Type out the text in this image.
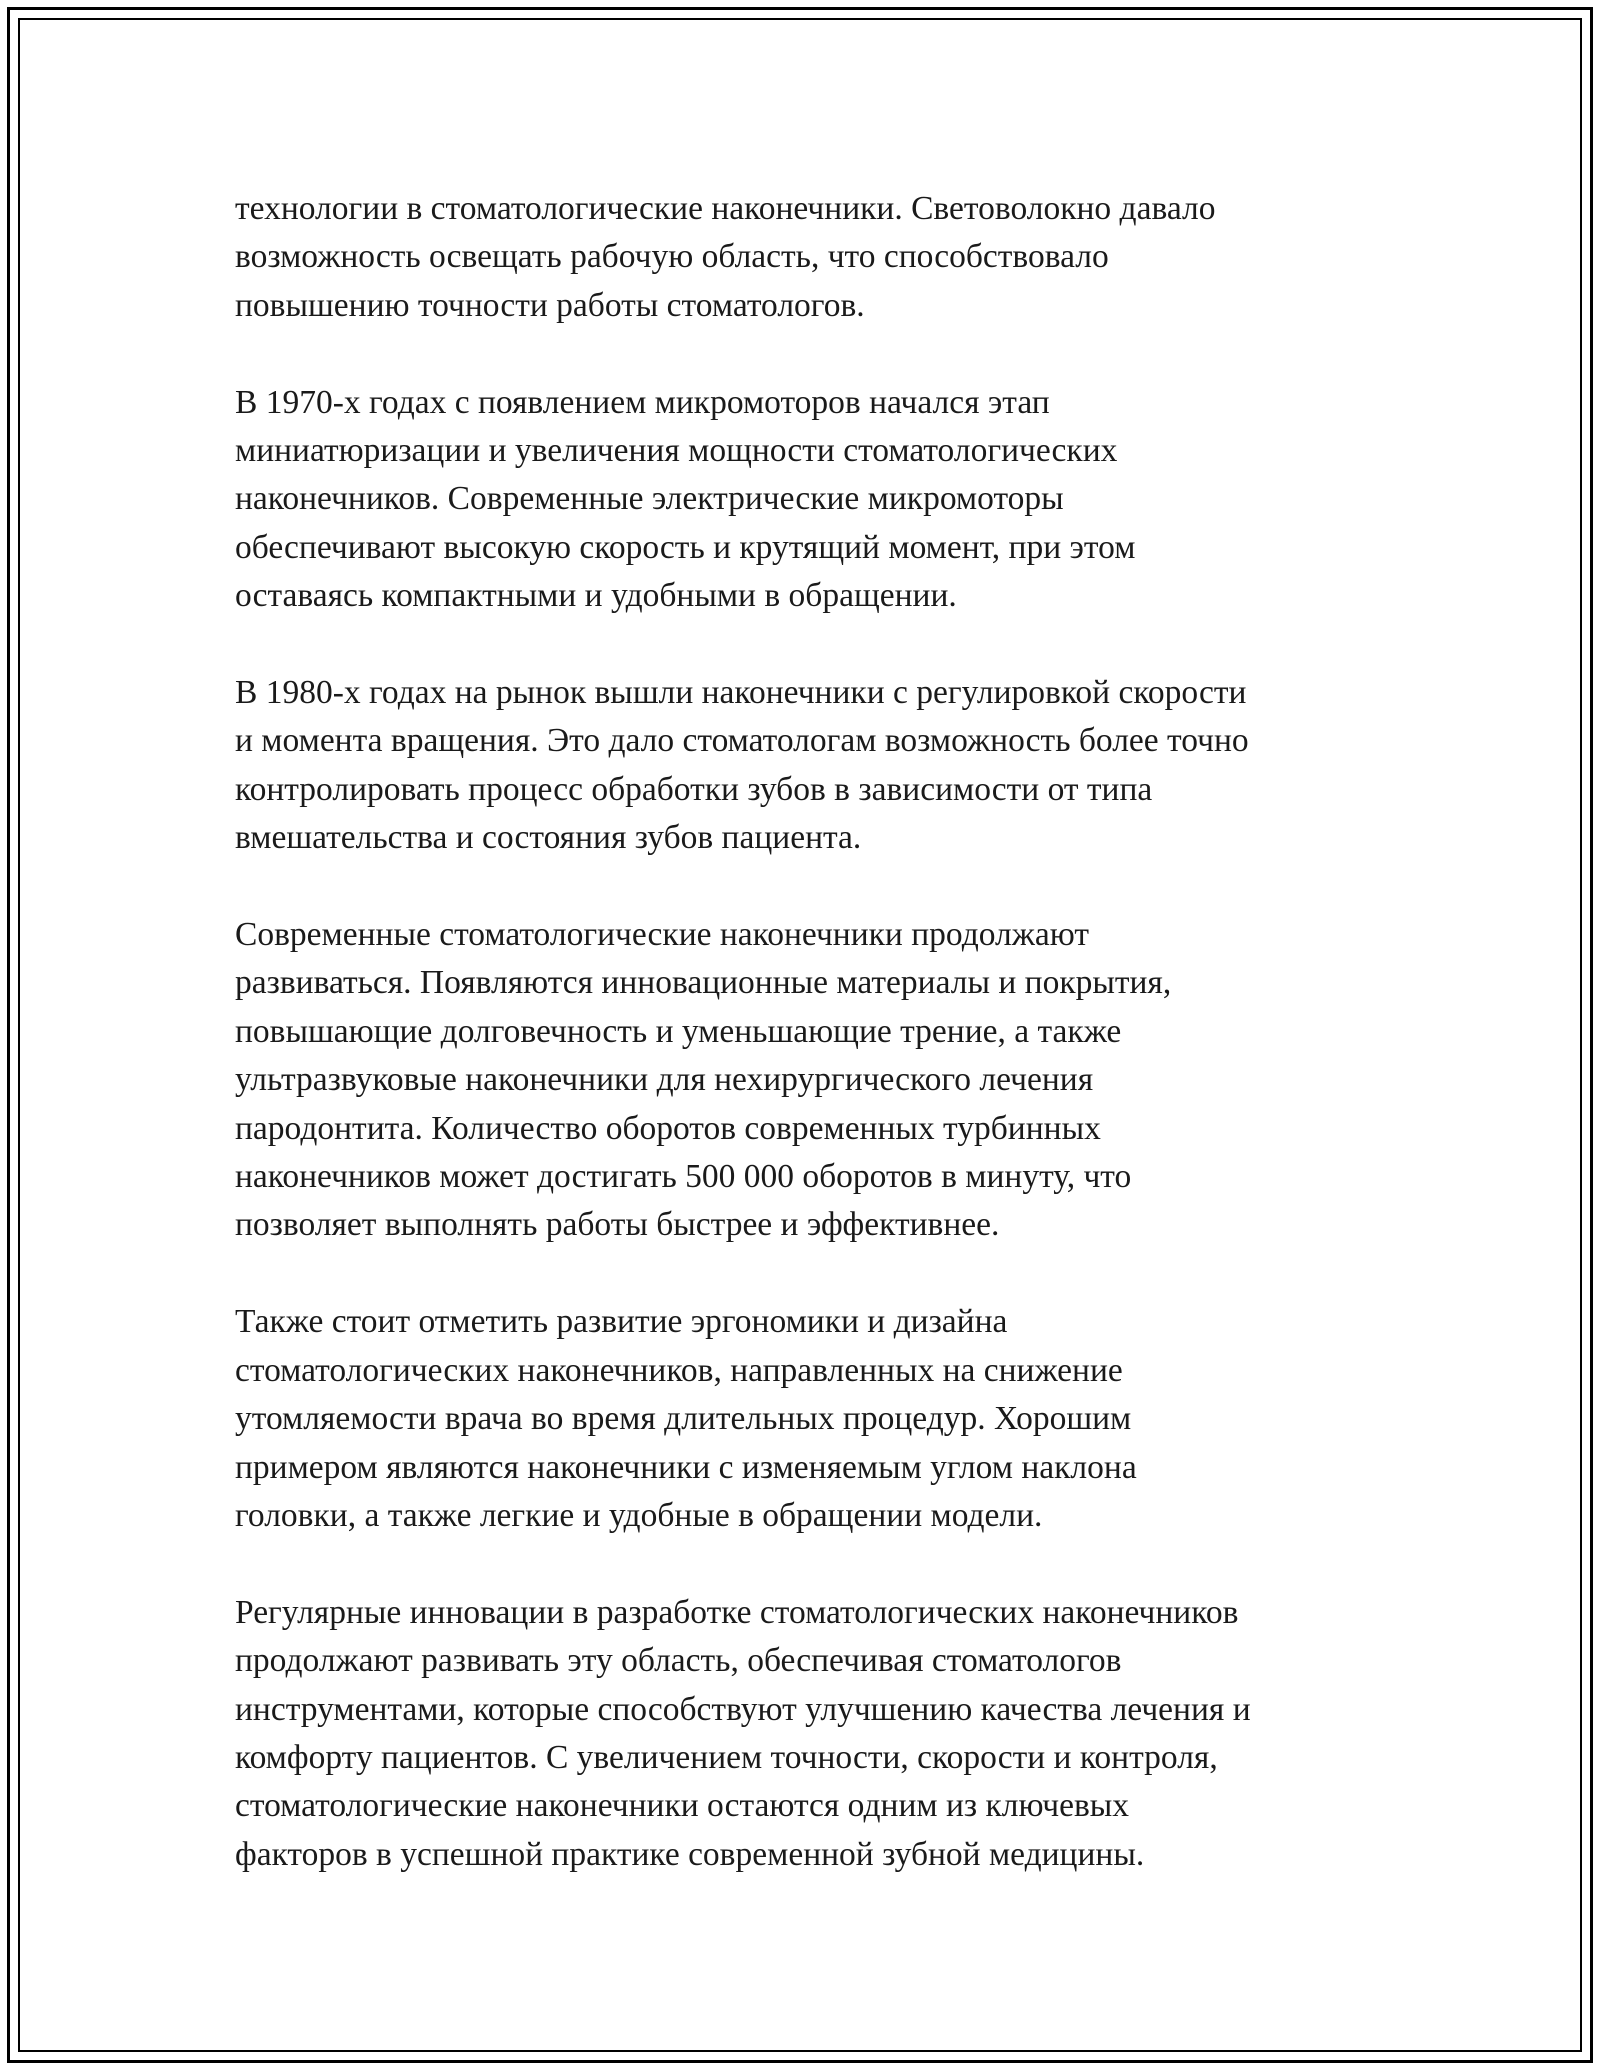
технологии в стоматологические наконечники. Световолокно давало
возможность освещать рабочую область, что способствовало
повышению точности работы стоматологов.

В 1970-х годах с появлением микромоторов начался этап
миниатюризации и увеличения мощности стоматологических
наконечников. Современные электрические микромоторы
обеспечивают высокую скорость и крутящий момент, при этом
оставаясь компактными и удобными в обращении.

В 1980-х годах на рынок вышли наконечники с регулировкой скорости
и момента вращения. Это дало стоматологам возможность более точно
контролировать процесс обработки зубов в зависимости от типа
вмешательства и состояния зубов пациента.

Современные стоматологические наконечники продолжают
развиваться. Появляются инновационные материалы и покрытия,
повышающие долговечность и уменьшающие трение, а также
ультразвуковые наконечники для нехирургического лечения
пародонтита. Количество оборотов современных турбинных
наконечников может достигать 500 000 оборотов в минуту, что
позволяет выполнять работы быстрее и эффективнее.

Также стоит отметить развитие эргономики и дизайна
стоматологических наконечников, направленных на снижение
утомляемости врача во время длительных процедур. Хорошим
примером являются наконечники с изменяемым углом наклона
головки, а также легкие и удобные в обращении модели.

Регулярные инновации в разработке стоматологических наконечников
продолжают развивать эту область, обеспечивая стоматологов
инструментами, которые способствуют улучшению качества лечения и
комфорту пациентов. С увеличением точности, скорости и контроля,
стоматологические наконечники остаются одним из ключевых
факторов в успешной практике современной зубной медицины.
